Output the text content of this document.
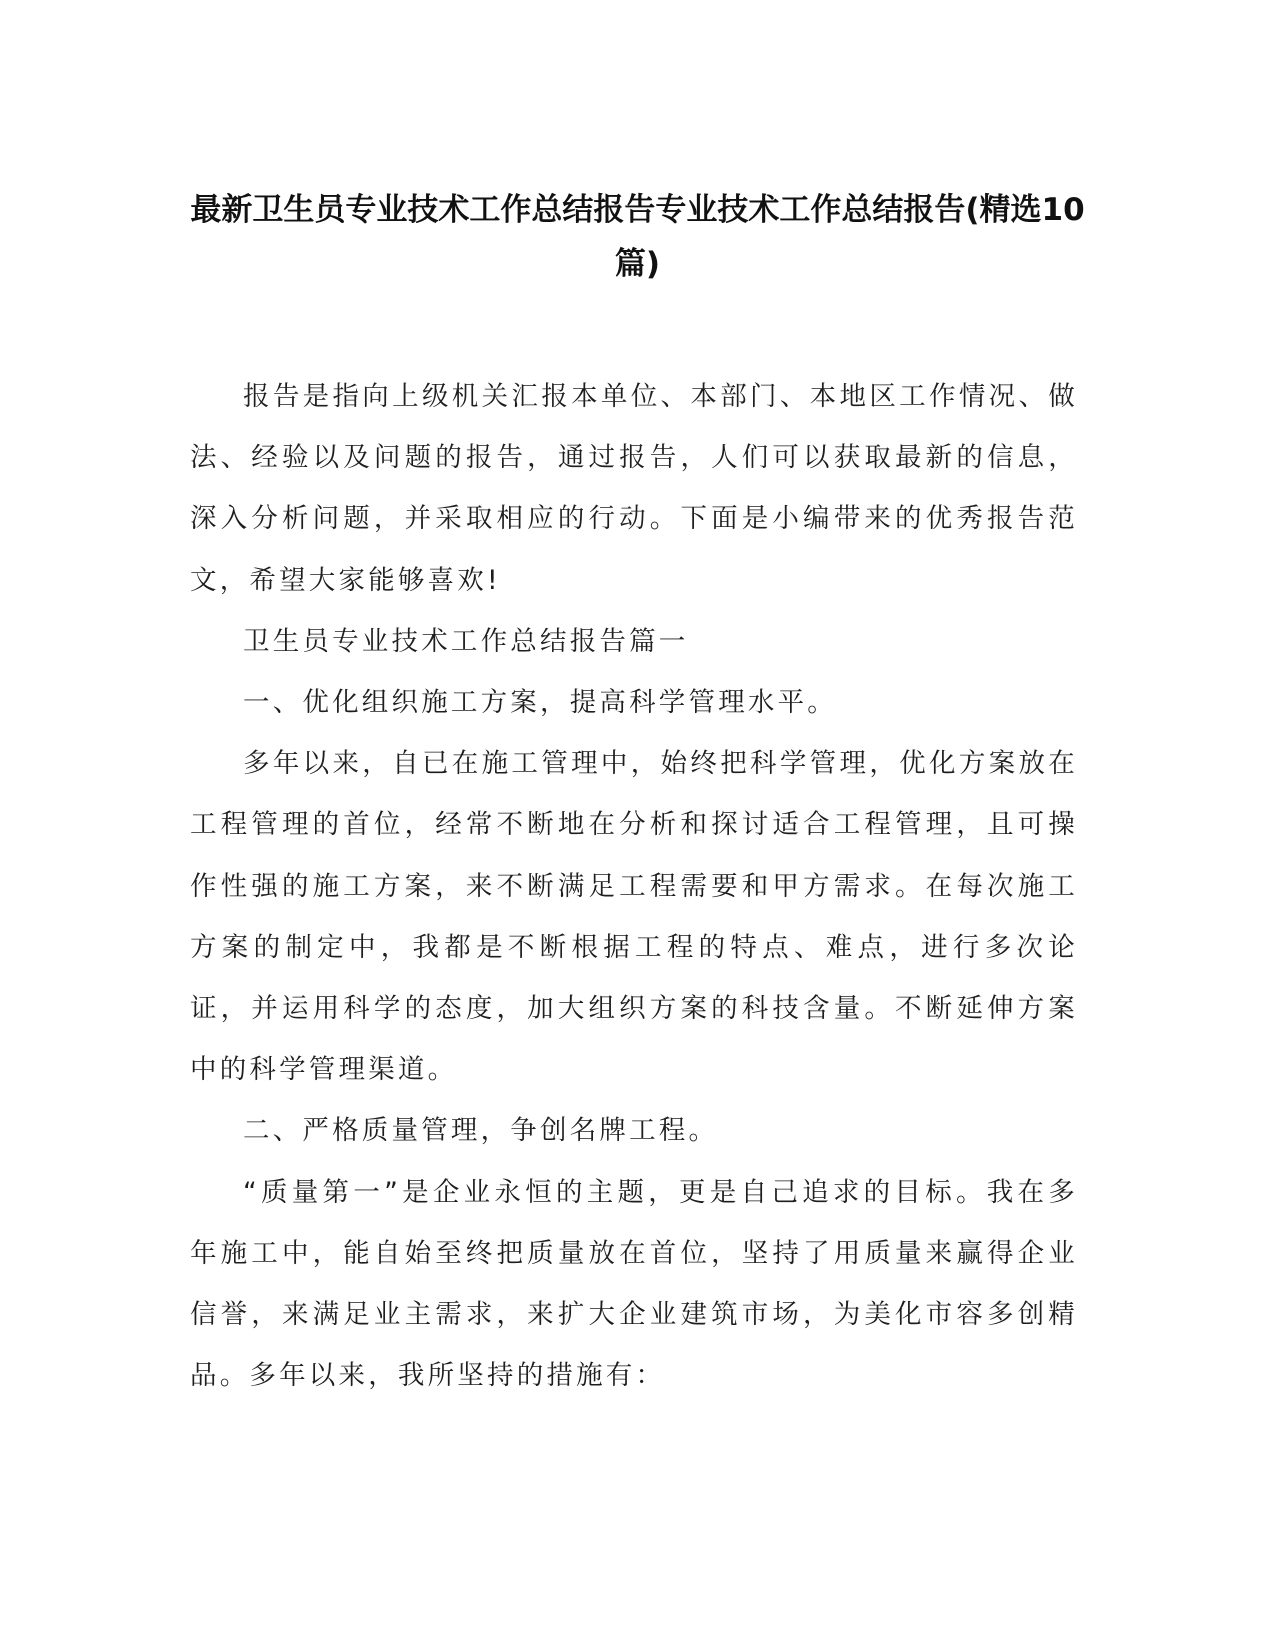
最新卫生员专业技术工作总结报告专业技术工作总结报告(精选10篇)

报告是指向上级机关汇报本单位、本部门、本地区工作情况、做法、经验以及问题的报告，通过报告，人们可以获取最新的信息，深入分析问题，并采取相应的行动。下面是小编带来的优秀报告范文，希望大家能够喜欢!

卫生员专业技术工作总结报告篇一

一、优化组织施工方案，提高科学管理水平。

多年以来，自已在施工管理中，始终把科学管理，优化方案放在工程管理的首位，经常不断地在分析和探讨适合工程管理，且可操作性强的施工方案，来不断满足工程需要和甲方需求。在每次施工方案的制定中，我都是不断根据工程的特点、难点，进行多次论证，并运用科学的态度，加大组织方案的科技含量。不断延伸方案中的科学管理渠道。

二、严格质量管理，争创名牌工程。

“质量第一”是企业永恒的主题，更是自己追求的目标。我在多年施工中，能自始至终把质量放在首位，坚持了用质量来赢得企业信誉，来满足业主需求，来扩大企业建筑市场，为美化市容多创精品。多年以来，我所坚持的措施有：
